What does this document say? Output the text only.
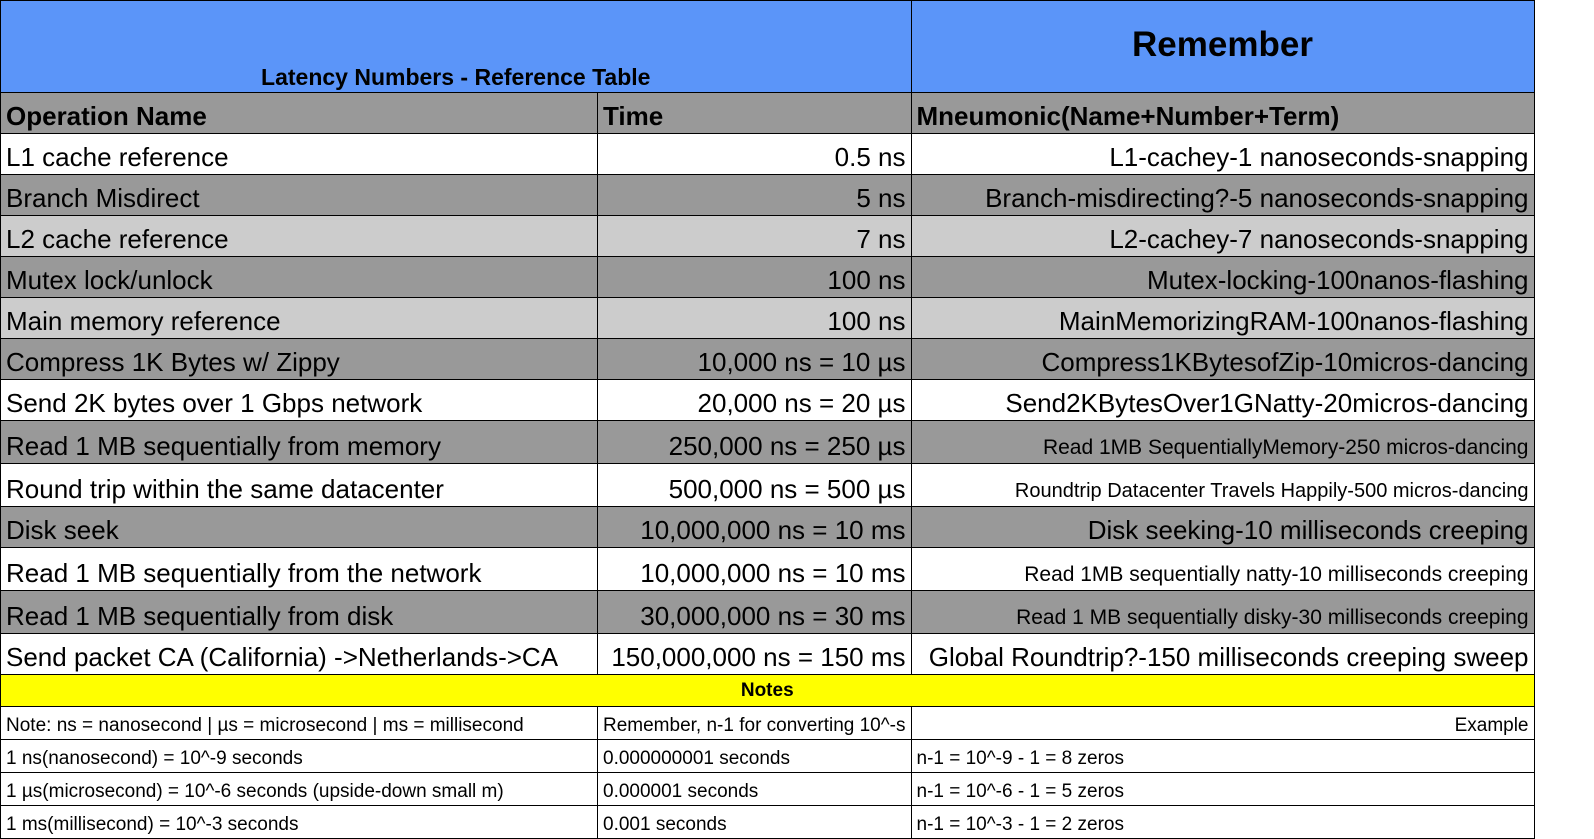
Latency Numbers - Reference Table		Remember
Operation Name	Time	Mneumonic(Name+Number+Term)
L1 cache reference	0.5 ns	L1-cachey-1 nanoseconds-snapping
Branch Misdirect	5 ns	Branch-misdirecting?-5 nanoseconds-snapping
L2 cache reference	7 ns	L2-cachey-7 nanoseconds-snapping
Mutex lock/unlock	100 ns	Mutex-locking-100nanos-flashing
Main memory reference	100 ns	MainMemorizingRAM-100nanos-flashing
Compress 1K Bytes w/ Zippy	10,000 ns = 10 µs	Compress1KBytesofZip-10micros-dancing
Send 2K bytes over 1 Gbps network	20,000 ns = 20 µs	Send2KBytesOver1GNatty-20micros-dancing
Read 1 MB sequentially from memory	250,000 ns = 250 µs	Read 1MB SequentiallyMemory-250 micros-dancing
Round trip within the same datacenter	500,000 ns = 500 µs	Roundtrip Datacenter Travels Happily-500 micros-dancing
Disk seek	10,000,000 ns = 10 ms	Disk seeking-10 milliseconds creeping
Read 1 MB sequentially from the network	10,000,000 ns = 10 ms	Read 1MB sequentially natty-10 milliseconds creeping
Read 1 MB sequentially from disk	30,000,000 ns = 30 ms	Read 1 MB sequentially disky-30 milliseconds creeping
Send packet CA (California) ->Netherlands->CA	150,000,000 ns = 150 ms	Global Roundtrip?-150 milliseconds creeping sweep
Notes		
Note: ns = nanosecond | µs = microsecond | ms = millisecond	Remember, n-1 for converting 10^-s	Example
1 ns(nanosecond) = 10^-9 seconds	0.000000001 seconds	n-1 = 10^-9 - 1 = 8 zeros
1 µs(microsecond) = 10^-6 seconds (upside-down small m)	0.000001 seconds	n-1 = 10^-6 - 1 = 5 zeros
1 ms(millisecond) = 10^-3 seconds	0.001 seconds	n-1 = 10^-3 - 1 = 2 zeros
